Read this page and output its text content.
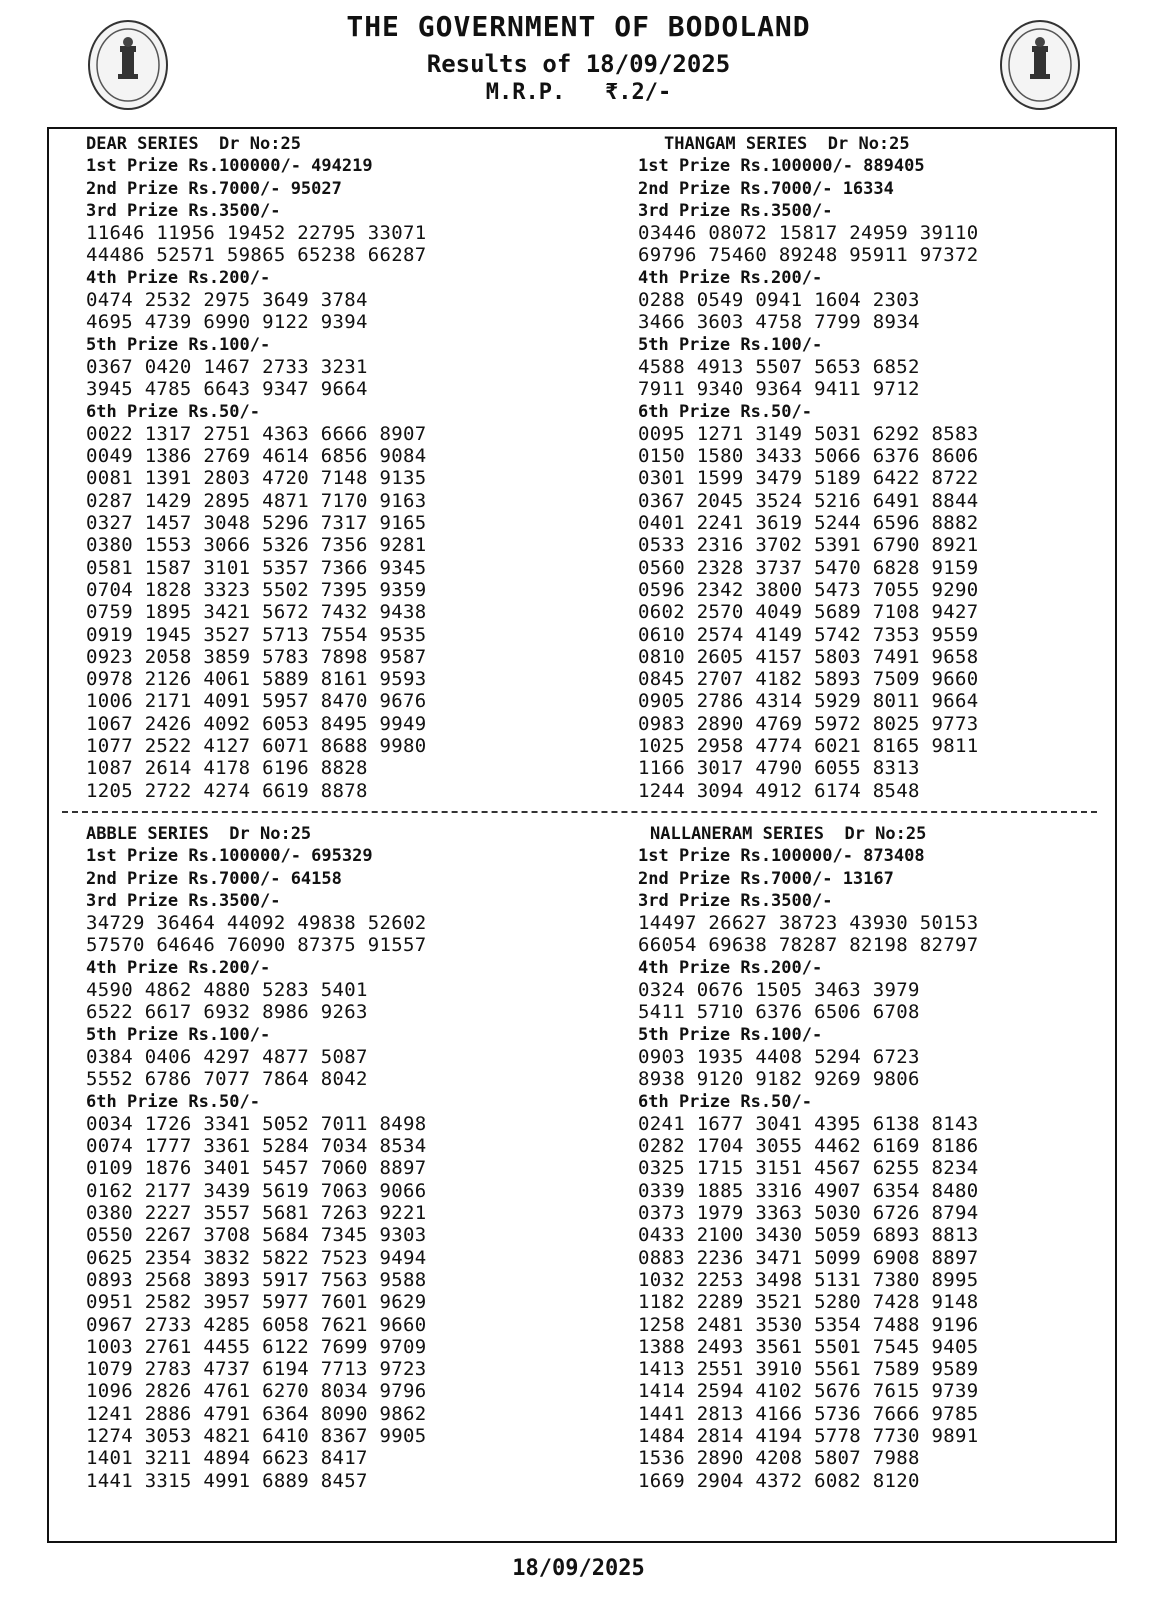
THE GOVERNMENT OF BODOLAND
Results of 18/09/2025
M.R.P.   ₹.2/-
DEAR SERIES  Dr No:25
1st Prize Rs.100000/- 494219
2nd Prize Rs.7000/- 95027
3rd Prize Rs.3500/-
11646 11956 19452 22795 33071
44486 52571 59865 65238 66287
4th Prize Rs.200/-
0474 2532 2975 3649 3784
4695 4739 6990 9122 9394
5th Prize Rs.100/-
0367 0420 1467 2733 3231
3945 4785 6643 9347 9664
6th Prize Rs.50/-
0022 1317 2751 4363 6666 8907
0049 1386 2769 4614 6856 9084
0081 1391 2803 4720 7148 9135
0287 1429 2895 4871 7170 9163
0327 1457 3048 5296 7317 9165
0380 1553 3066 5326 7356 9281
0581 1587 3101 5357 7366 9345
0704 1828 3323 5502 7395 9359
0759 1895 3421 5672 7432 9438
0919 1945 3527 5713 7554 9535
0923 2058 3859 5783 7898 9587
0978 2126 4061 5889 8161 9593
1006 2171 4091 5957 8470 9676
1067 2426 4092 6053 8495 9949
1077 2522 4127 6071 8688 9980
1087 2614 4178 6196 8828
1205 2722 4274 6619 8878
THANGAM SERIES  Dr No:25
1st Prize Rs.100000/- 889405
2nd Prize Rs.7000/- 16334
3rd Prize Rs.3500/-
03446 08072 15817 24959 39110
69796 75460 89248 95911 97372
4th Prize Rs.200/-
0288 0549 0941 1604 2303
3466 3603 4758 7799 8934
5th Prize Rs.100/-
4588 4913 5507 5653 6852
7911 9340 9364 9411 9712
6th Prize Rs.50/-
0095 1271 3149 5031 6292 8583
0150 1580 3433 5066 6376 8606
0301 1599 3479 5189 6422 8722
0367 2045 3524 5216 6491 8844
0401 2241 3619 5244 6596 8882
0533 2316 3702 5391 6790 8921
0560 2328 3737 5470 6828 9159
0596 2342 3800 5473 7055 9290
0602 2570 4049 5689 7108 9427
0610 2574 4149 5742 7353 9559
0810 2605 4157 5803 7491 9658
0845 2707 4182 5893 7509 9660
0905 2786 4314 5929 8011 9664
0983 2890 4769 5972 8025 9773
1025 2958 4774 6021 8165 9811
1166 3017 4790 6055 8313
1244 3094 4912 6174 8548
ABBLE SERIES  Dr No:25
1st Prize Rs.100000/- 695329
2nd Prize Rs.7000/- 64158
3rd Prize Rs.3500/-
34729 36464 44092 49838 52602
57570 64646 76090 87375 91557
4th Prize Rs.200/-
4590 4862 4880 5283 5401
6522 6617 6932 8986 9263
5th Prize Rs.100/-
0384 0406 4297 4877 5087
5552 6786 7077 7864 8042
6th Prize Rs.50/-
0034 1726 3341 5052 7011 8498
0074 1777 3361 5284 7034 8534
0109 1876 3401 5457 7060 8897
0162 2177 3439 5619 7063 9066
0380 2227 3557 5681 7263 9221
0550 2267 3708 5684 7345 9303
0625 2354 3832 5822 7523 9494
0893 2568 3893 5917 7563 9588
0951 2582 3957 5977 7601 9629
0967 2733 4285 6058 7621 9660
1003 2761 4455 6122 7699 9709
1079 2783 4737 6194 7713 9723
1096 2826 4761 6270 8034 9796
1241 2886 4791 6364 8090 9862
1274 3053 4821 6410 8367 9905
1401 3211 4894 6623 8417
1441 3315 4991 6889 8457
NALLANERAM SERIES  Dr No:25
1st Prize Rs.100000/- 873408
2nd Prize Rs.7000/- 13167
3rd Prize Rs.3500/-
14497 26627 38723 43930 50153
66054 69638 78287 82198 82797
4th Prize Rs.200/-
0324 0676 1505 3463 3979
5411 5710 6376 6506 6708
5th Prize Rs.100/-
0903 1935 4408 5294 6723
8938 9120 9182 9269 9806
6th Prize Rs.50/-
0241 1677 3041 4395 6138 8143
0282 1704 3055 4462 6169 8186
0325 1715 3151 4567 6255 8234
0339 1885 3316 4907 6354 8480
0373 1979 3363 5030 6726 8794
0433 2100 3430 5059 6893 8813
0883 2236 3471 5099 6908 8897
1032 2253 3498 5131 7380 8995
1182 2289 3521 5280 7428 9148
1258 2481 3530 5354 7488 9196
1388 2493 3561 5501 7545 9405
1413 2551 3910 5561 7589 9589
1414 2594 4102 5676 7615 9739
1441 2813 4166 5736 7666 9785
1484 2814 4194 5778 7730 9891
1536 2890 4208 5807 7988
1669 2904 4372 6082 8120
18/09/2025
